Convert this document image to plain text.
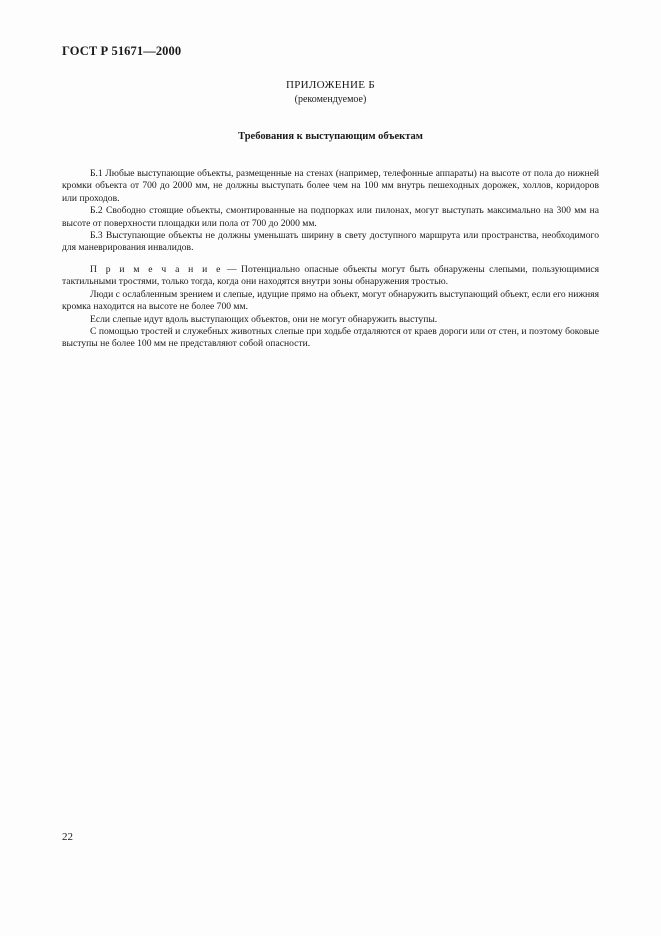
ГОСТ Р 51671—2000
ПРИЛОЖЕНИЕ Б
(рекомендуемое)
Требования к выступающим объектам

Б.1 Любые выступающие объекты, размещенные на стенах (например, телефонные аппараты) на высоте от пола до нижней кромки объекта от 700 до 2000 мм, не должны выступать более чем на 100 мм внутрь пешеходных дорожек, холлов, коридоров или проходов.

Б.2 Свободно стоящие объекты, смонтированные на подпорках или пилонах, могут выступать максимально на 300 мм на высоте от поверхности площадки или пола от 700 до 2000 мм.

Б.3 Выступающие объекты не должны уменьшать ширину в свету доступного маршрута или пространства, необходимого для маневрирования инвалидов.

П р и м е ч а н и е — Потенциально опасные объекты могут быть обнаружены слепыми, пользующимися тактильными тростями, только тогда, когда они находятся внутри зоны обнаружения тростью.

Люди с ослабленным зрением и слепые, идущие прямо на объект, могут обнаружить выступающий объект, если его нижняя кромка находится на высоте не более 700 мм.

Если слепые идут вдоль выступающих объектов, они не могут обнаружить выступы.

С помощью тростей и служебных животных слепые при ходьбе отдаляются от краев дороги или от стен, и поэтому боковые выступы не более 100 мм не представляют собой опасности.

22
